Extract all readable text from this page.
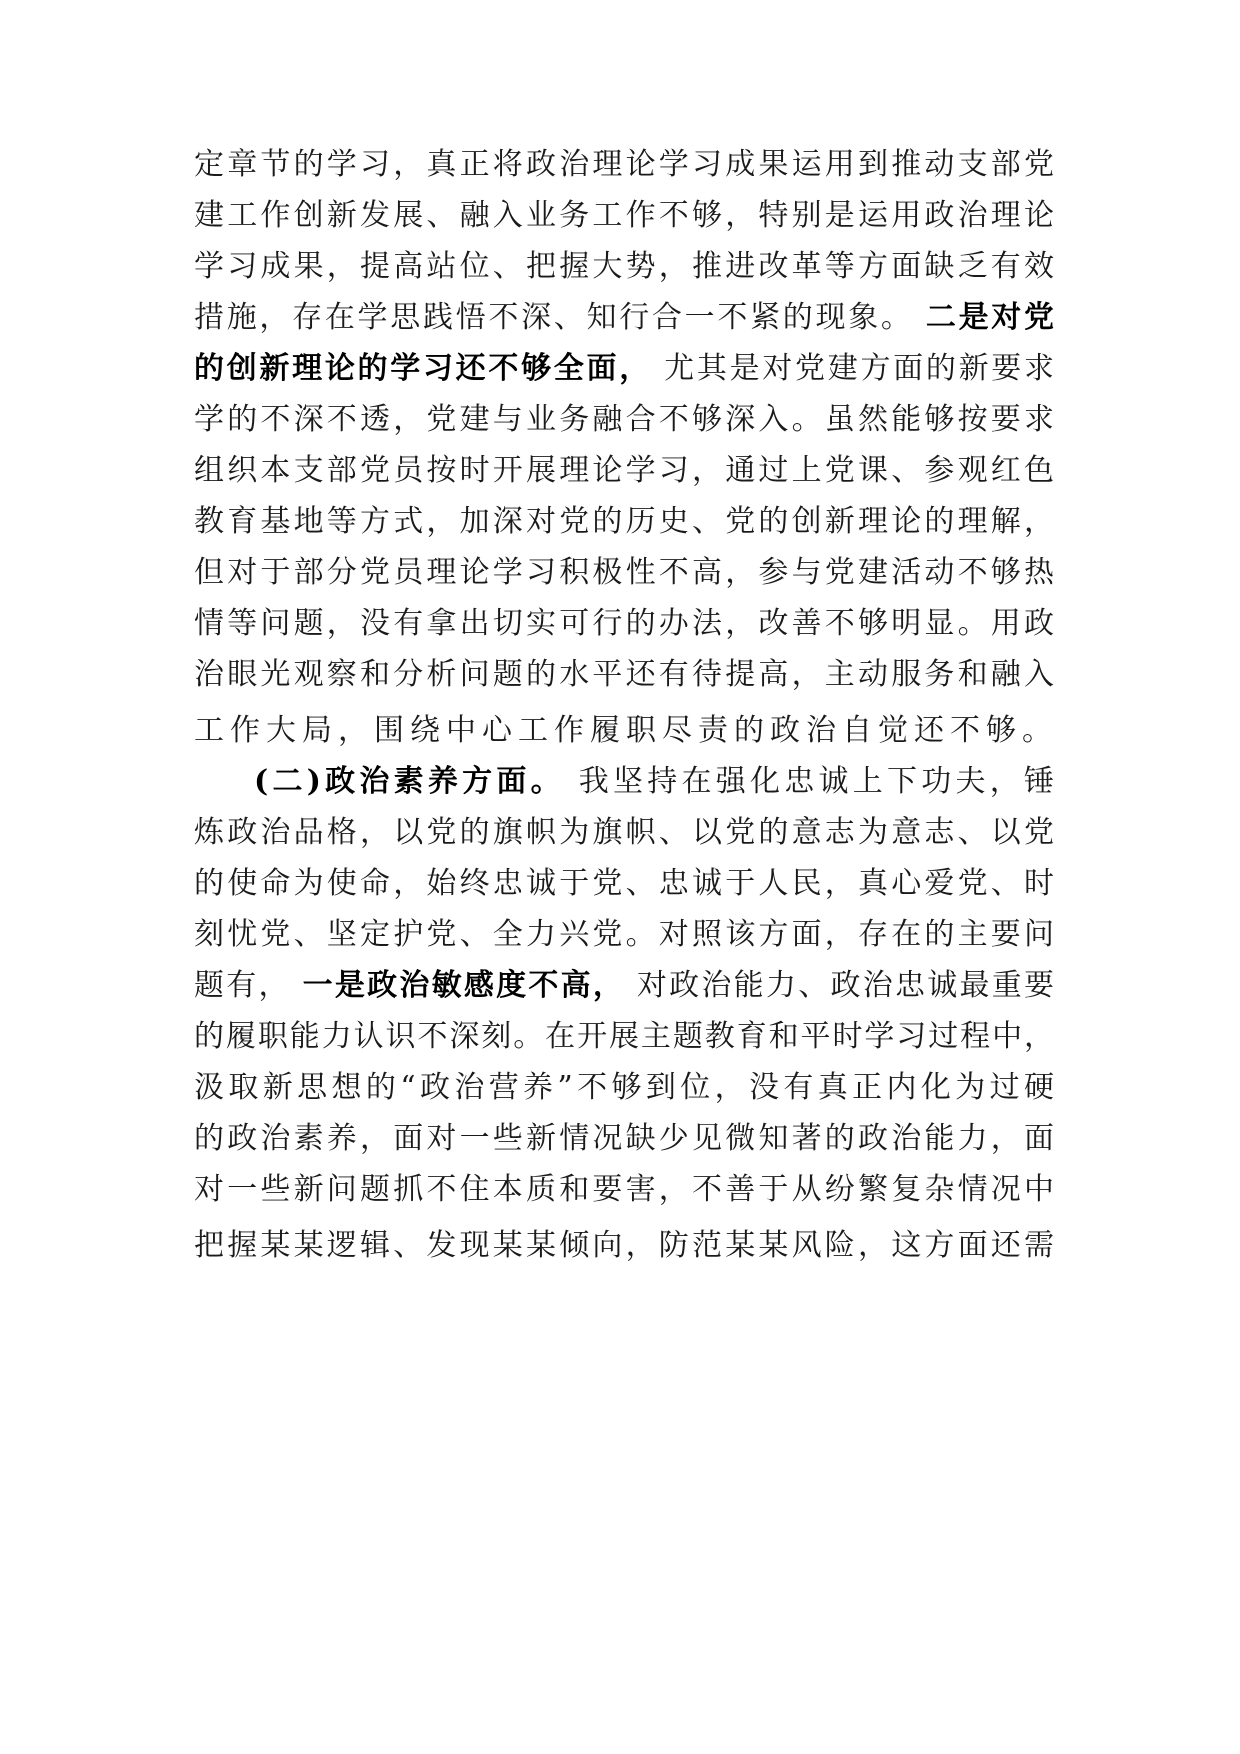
定章节的学习，真正将政治理论学习成果运用到推动支部党
建工作创新发展、融入业务工作不够，特别是运用政治理论
学习成果，提高站位、把握大势，推进改革等方面缺乏有效
措施，存在学思践悟不深、知行合一不紧的现象。 二是对党
的创新理论的学习还不够全面， 尤其是对党建方面的新要求
学的不深不透，党建与业务融合不够深入。虽然能够按要求
组织本支部党员按时开展理论学习，通过上党课、参观红色
教育基地等方式，加深对党的历史、党的创新理论的理解，
但对于部分党员理论学习积极性不高，参与党建活动不够热
情等问题，没有拿出切实可行的办法，改善不够明显。用政
治眼光观察和分析问题的水平还有待提高，主动服务和融入
工作大局，围绕中心工作履职尽责的政治自觉还不够。
(二)政治素养方面。 我坚持在强化忠诚上下功夫，锤
炼政治品格，以党的旗帜为旗帜、以党的意志为意志、以党
的使命为使命，始终忠诚于党、忠诚于人民，真心爱党、时
刻忧党、坚定护党、全力兴党。对照该方面，存在的主要问
题有， 一是政治敏感度不高， 对政治能力、政治忠诚最重要
的履职能力认识不深刻。在开展主题教育和平时学习过程中，
汲取新思想的“政治营养”不够到位，没有真正内化为过硬
的政治素养，面对一些新情况缺少见微知著的政治能力，面
对一些新问题抓不住本质和要害，不善于从纷繁复杂情况中
把握某某逻辑、发现某某倾向，防范某某风险，这方面还需
